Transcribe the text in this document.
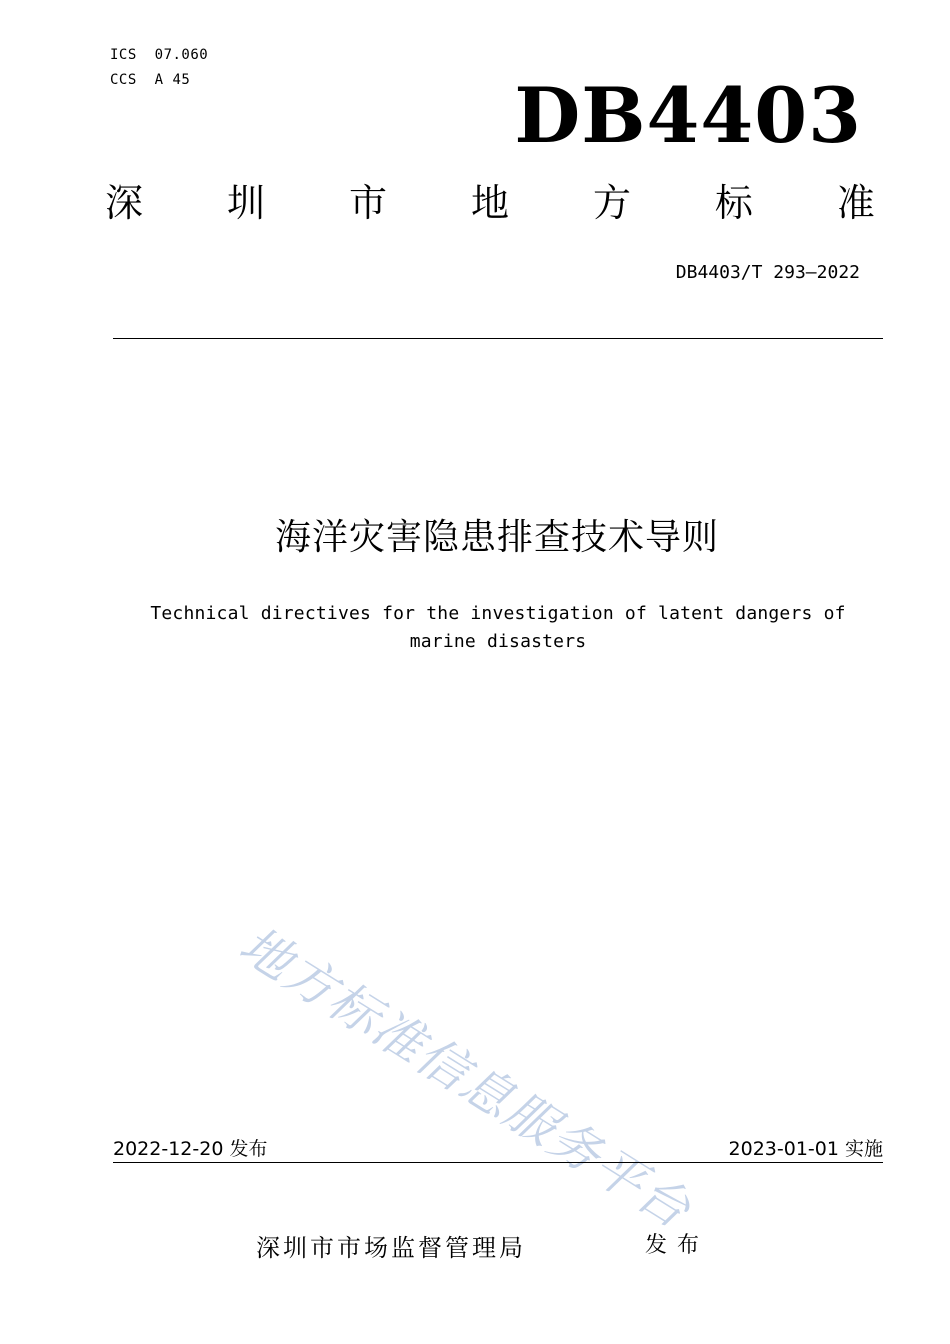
ICS  07.060
CCS  A 45	DB4403
深 圳 市 地 方 标 准
DB4403/T 293—2022
海洋灾害隐患排查技术导则
Technical directives for the investigation of latent dangers of marine disasters
地方标准信息服务平台
2022-12-20 发布	2023-01-01 实施
深圳市市场监督管理局	发布
